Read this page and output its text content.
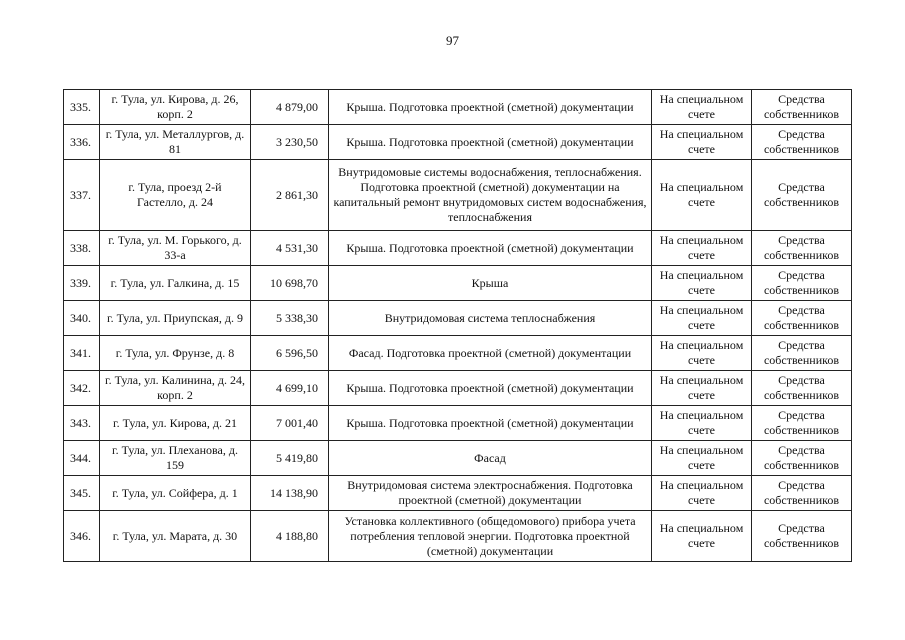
97
335.	г. Тула, ул. Кирова, д. 26, корп. 2	4 879,00	Крыша. Подготовка проектной (сметной) документации	На специальном счете	Средства собственников
336.	г. Тула, ул. Металлургов, д. 81	3 230,50	Крыша. Подготовка проектной (сметной) документации	На специальном счете	Средства собственников
337.	г. Тула, проезд 2-й Гастелло, д. 24	2 861,30	Внутридомовые системы водоснабжения, теплоснабжения. Подготовка проектной (сметной) документации на капитальный ремонт внутридомовых систем водоснабжения, теплоснабжения	На специальном счете	Средства собственников
338.	г. Тула, ул. М. Горького, д. 33-а	4 531,30	Крыша. Подготовка проектной (сметной) документации	На специальном счете	Средства собственников
339.	г. Тула, ул. Галкина, д. 15	10 698,70	Крыша	На специальном счете	Средства собственников
340.	г. Тула, ул. Приупская, д. 9	5 338,30	Внутридомовая система теплоснабжения	На специальном счете	Средства собственников
341.	г. Тула, ул. Фрунзе, д. 8	6 596,50	Фасад. Подготовка проектной (сметной) документации	На специальном счете	Средства собственников
342.	г. Тула, ул. Калинина, д. 24, корп. 2	4 699,10	Крыша. Подготовка проектной (сметной) документации	На специальном счете	Средства собственников
343.	г. Тула, ул. Кирова, д. 21	7 001,40	Крыша. Подготовка проектной (сметной) документации	На специальном счете	Средства собственников
344.	г. Тула, ул. Плеханова, д. 159	5 419,80	Фасад	На специальном счете	Средства собственников
345.	г. Тула, ул. Сойфера, д. 1	14 138,90	Внутридомовая система электроснабжения. Подготовка проектной (сметной) документации	На специальном счете	Средства собственников
346.	г. Тула, ул. Марата, д. 30	4 188,80	Установка коллективного (общедомового) прибора учета потребления тепловой энергии. Подготовка проектной (сметной) документации	На специальном счете	Средства собственников
